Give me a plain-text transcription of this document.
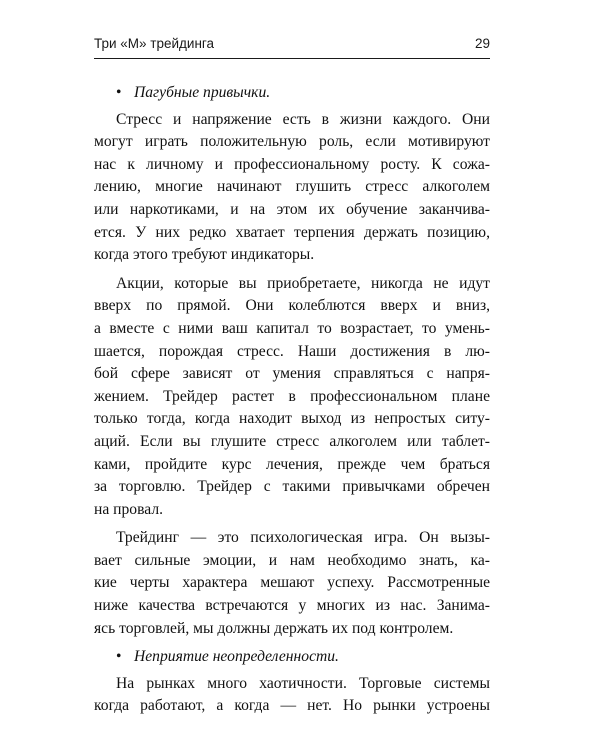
Три «М» трейдинга	29
• Пагубные привычки.
Стресс и напряжение есть в жизни каждого. Они
могут играть положительную роль, если мотивируют
нас к личному и профессиональному росту. К сожа-
лению, многие начинают глушить стресс алкоголем
или наркотиками, и на этом их обучение заканчива-
ется. У них редко хватает терпения держать позицию,
когда этого требуют индикаторы.
Акции, которые вы приобретаете, никогда не идут
вверх по прямой. Они колеблются вверх и вниз,
а вместе с ними ваш капитал то возрастает, то умень-
шается, порождая стресс. Наши достижения в лю-
бой сфере зависят от умения справляться с напря-
жением. Трейдер растет в профессиональном плане
только тогда, когда находит выход из непростых ситу-
аций. Если вы глушите стресс алкоголем или таблет-
ками, пройдите курс лечения, прежде чем браться
за торговлю. Трейдер с такими привычками обречен
на провал.
Трейдинг — это психологическая игра. Он вызы-
вает сильные эмоции, и нам необходимо знать, ка-
кие черты характера мешают успеху. Рассмотренные
ниже качества встречаются у многих из нас. Занима-
ясь торговлей, мы должны держать их под контролем.
• Неприятие неопределенности.
На рынках много хаотичности. Торговые системы
когда работают, а когда — нет. Но рынки устроены
